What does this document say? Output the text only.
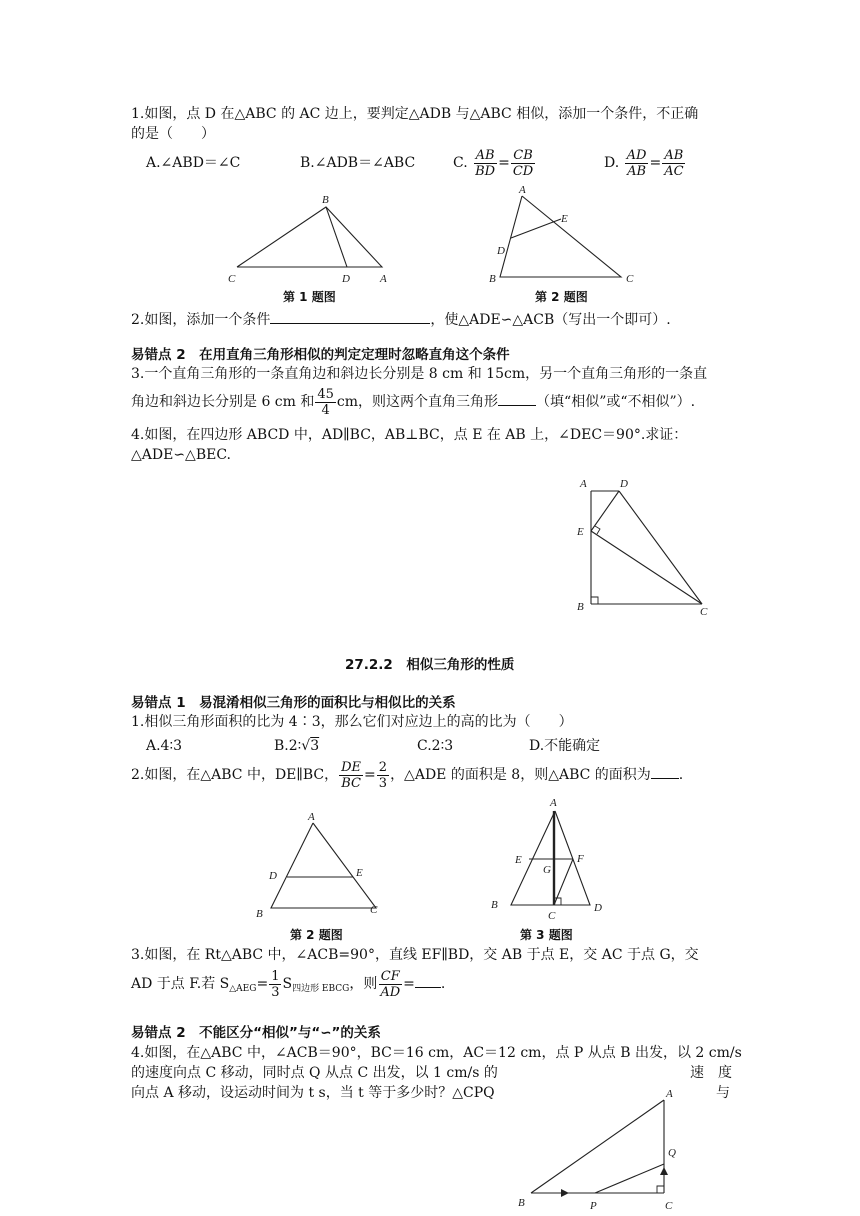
1.如图，点 D 在△ABC 的 AC 边上，要判定△ADB 与△ABC 相似，添加一个条件，不正确
的是（　　）
A.∠ABD＝∠C	B.∠ADB＝∠ABC	C. $\frac{AB}{BD} = \frac{CB}{CD}$	D. $\frac{AD}{AB} = \frac{AB}{AC}$
B
C	D	A
第 1 题图
A
E
D
B	C
第 2 题图
2.如图，添加一个条件	，使△ADE∽△ACB（写出一个即可）.
易错点 2　在用直角三角形相似的判定定理时忽略直角这个条件
3.一个直角三角形的一条直角边和斜边长分别是 8 cm 和 15cm，另一个直角三角形的一条直
角边和斜边长分别是 6 cm 和 $\frac{45}{4}$ cm，则这两个直角三角形	（填“相似”或“不相似”）.
4.如图，在四边形 ABCD 中，AD∥BC，AB⊥BC，点 E 在 AB 上，∠DEC＝90°.求证：
△ADE∽△BEC.
A	D
E
B	C
27.2.2　相似三角形的性质
易错点 1　易混淆相似三角形的面积比与相似比的关系
1.相似三角形面积的比为 4∶3，那么它们对应边上的高的比为（　　）
A.4∶3	B.2∶√3	C.2∶3	D.不能确定
2.如图，在△ABC 中，DE∥BC， $\frac{DE}{BC} = \frac{2}{3}$ ，△ADE 的面积是 8，则△ABC 的面积为 .
A
D	E
B	C
第 2 题图
A
E	F
G
B
C
D
第 3 题图
3.如图，在 Rt△ABC 中，∠ACB=90°，直线 EF∥BD，交 AB 于点 E，交 AC 于点 G，交
AD 于点 F.若 $S_{\triangle AEG}= \frac{1}{3} S_{四边形 EBCG}$，则 $\frac{CF}{AD}$ = .
易错点 2　不能区分“相似”与“∽”的关系
4.如图，在△ABC 中，∠ACB＝90°，BC＝16 cm，AC＝12 cm，点 P 从点 B 出发，以 2 cm/s
的速度向点 C 移动，同时点 Q 从点 C 出发，以 1 cm/s 的	速　度
向点 A 移动，设运动时间为 t s，当 t 等于多少时？△CPQ	与
A
Q
B	P	C
